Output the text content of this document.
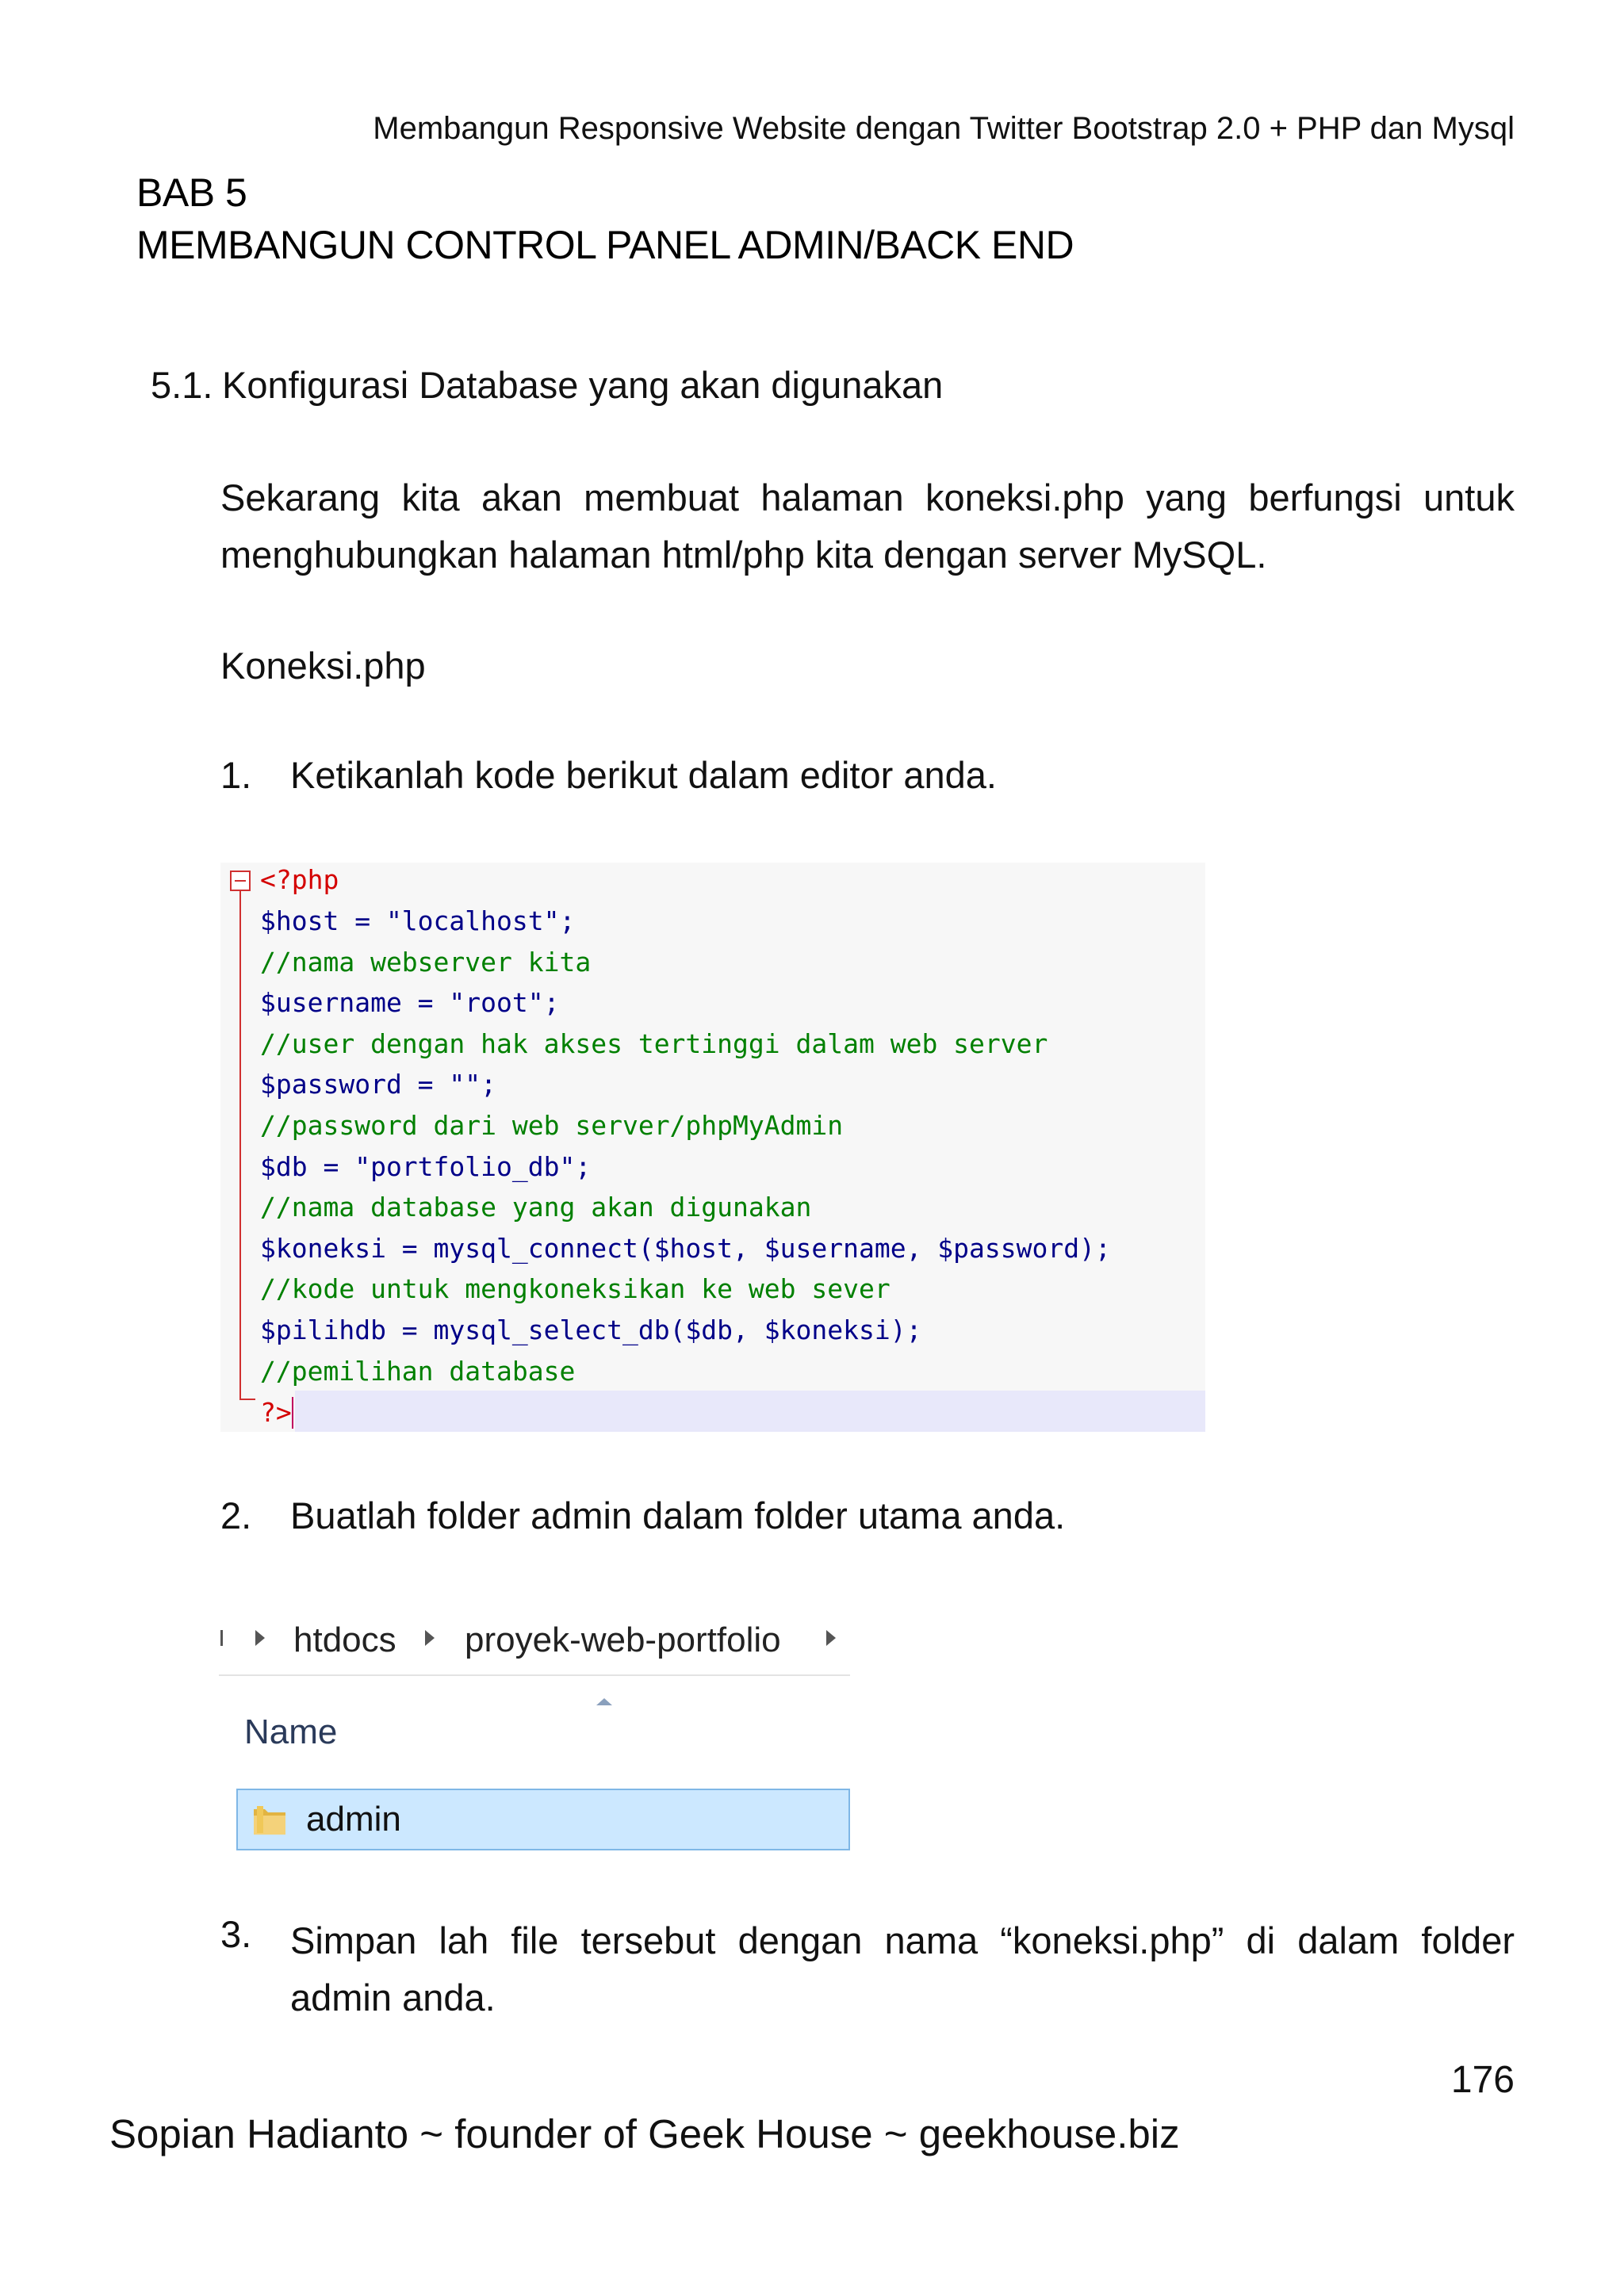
Membangun Responsive Website dengan Twitter Bootstrap 2.0 + PHP dan Mysql
BAB 5
MEMBANGUN CONTROL PANEL ADMIN/BACK END
5.1. Konfigurasi Database yang akan digunakan
Sekarang kita akan membuat halaman koneksi.php yang berfungsi untuk menghubungkan halaman html/php kita dengan server MySQL.
Koneksi.php
1.	Ketikanlah kode berikut dalam editor anda.
<?php
$host = "localhost";
//nama webserver kita
$username = "root";
//user dengan hak akses tertinggi dalam web server
$password = "";
//password dari web server/phpMyAdmin
$db = "portfolio_db";
//nama database yang akan digunakan
$koneksi = mysql_connect($host, $username, $password);
//kode untuk mengkoneksikan ke web sever
$pilihdb = mysql_select_db($db, $koneksi);
//pemilihan database
?>
2.	Buatlah folder admin dalam folder utama anda.
htdocs proyek-web-portfolio
Name
admin
3.	Simpan lah file tersebut dengan nama “koneksi.php” di dalam folder admin anda.
176
Sopian Hadianto ~ founder of Geek House ~ geekhouse.biz
